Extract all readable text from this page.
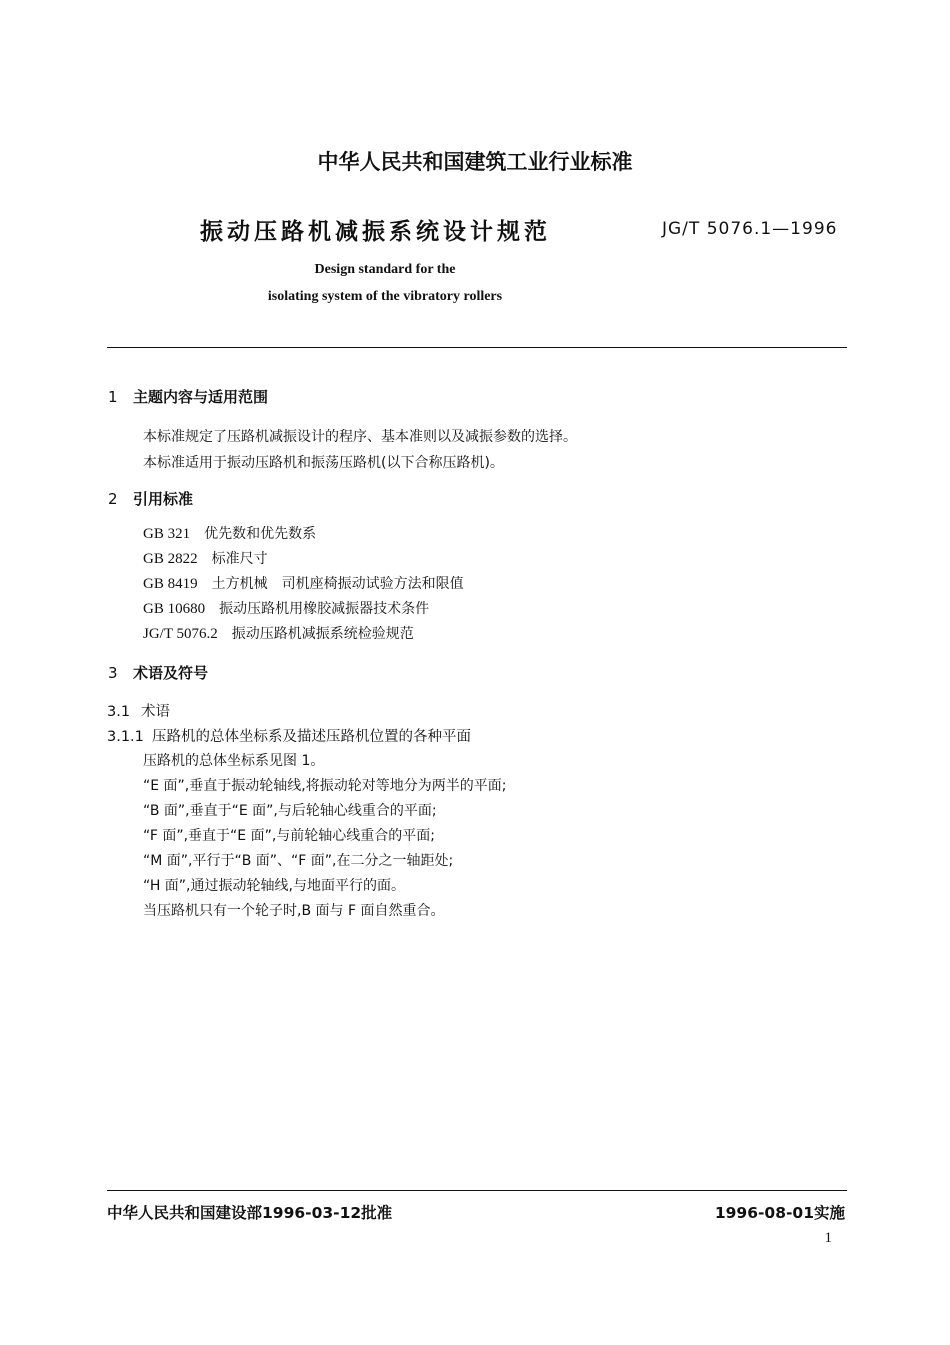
中华人民共和国建筑工业行业标准
振动压路机减振系统设计规范	JG/T 5076.1—1996
Design standard for the
isolating system of the vibratory rollers
1 主题内容与适用范围
本标准规定了压路机减振设计的程序、基本准则以及减振参数的选择。
本标准适用于振动压路机和振荡压路机(以下合称压路机)。
2 引用标准
GB 321 优先数和优先数系
GB 2822 标准尺寸
GB 8419 土方机械　司机座椅振动试验方法和限值
GB 10680 振动压路机用橡胶减振器技术条件
JG/T 5076.2 振动压路机减振系统检验规范
3 术语及符号
3.1 术语
3.1.1 压路机的总体坐标系及描述压路机位置的各种平面
压路机的总体坐标系见图 1。
“E 面”,垂直于振动轮轴线,将振动轮对等地分为两半的平面;
“B 面”,垂直于“E 面”,与后轮轴心线重合的平面;
“F 面”,垂直于“E 面”,与前轮轴心线重合的平面;
“M 面”,平行于“B 面”、“F 面”,在二分之一轴距处;
“H 面”,通过振动轮轴线,与地面平行的面。
当压路机只有一个轮子时,B 面与 F 面自然重合。
中华人民共和国建设部1996-03-12批准	1996-08-01实施
1
